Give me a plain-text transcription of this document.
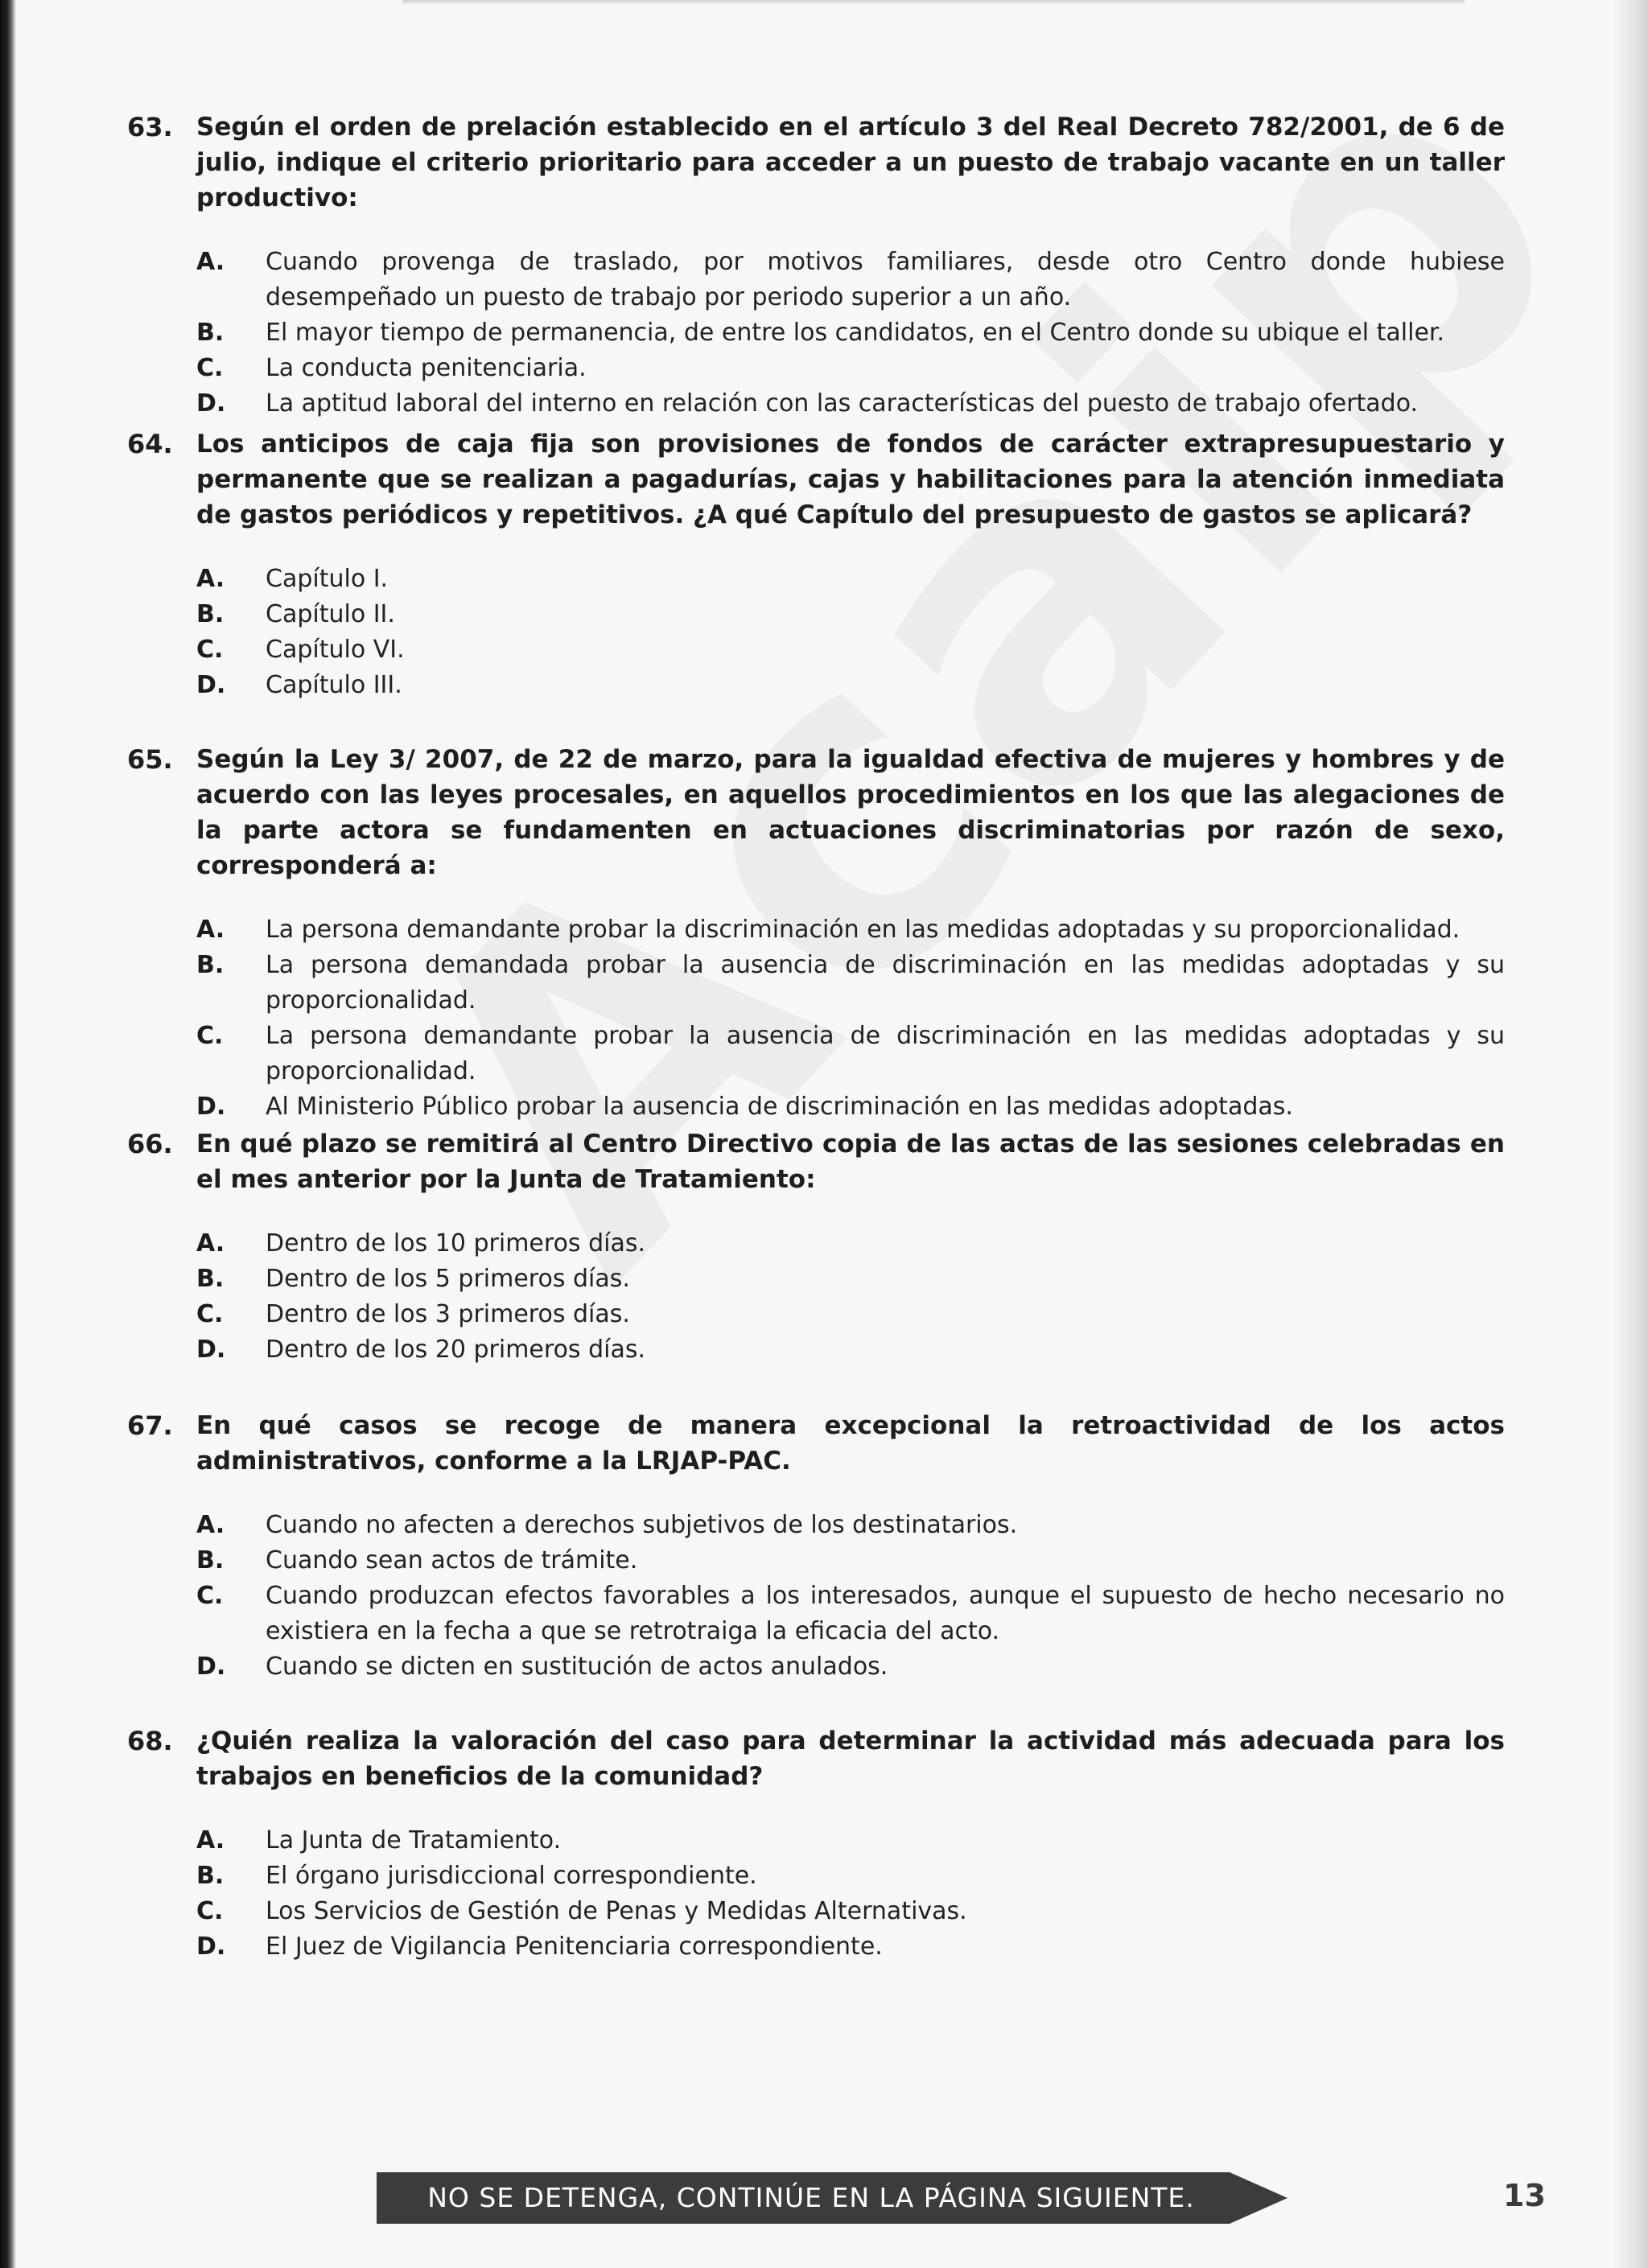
63. Según el orden de prelación establecido en el artículo 3 del Real Decreto 782/2001, de 6 de julio, indique el criterio prioritario para acceder a un puesto de trabajo vacante en un taller productivo:
A. Cuando provenga de traslado, por motivos familiares, desde otro Centro donde hubiese desempeñado un puesto de trabajo por periodo superior a un año.
B. El mayor tiempo de permanencia, de entre los candidatos, en el Centro donde su ubique el taller.
C. La conducta penitenciaria.
D. La aptitud laboral del interno en relación con las características del puesto de trabajo ofertado.
64. Los anticipos de caja fija son provisiones de fondos de carácter extrapresupuestario y permanente que se realizan a pagadurías, cajas y habilitaciones para la atención inmediata de gastos periódicos y repetitivos. ¿A qué Capítulo del presupuesto de gastos se aplicará?
A. Capítulo I.
B. Capítulo II.
C. Capítulo VI.
D. Capítulo III.
65. Según la Ley 3/ 2007, de 22 de marzo, para la igualdad efectiva de mujeres y hombres y de acuerdo con las leyes procesales, en aquellos procedimientos en los que las alegaciones de la parte actora se fundamenten en actuaciones discriminatorias por razón de sexo, corresponderá a:
A. La persona demandante probar la discriminación en las medidas adoptadas y su proporcionalidad.
B. La persona demandada probar la ausencia de discriminación en las medidas adoptadas y su proporcionalidad.
C. La persona demandante probar la ausencia de discriminación en las medidas adoptadas y su proporcionalidad.
D. Al Ministerio Público probar la ausencia de discriminación en las medidas adoptadas.
66. En qué plazo se remitirá al Centro Directivo copia de las actas de las sesiones celebradas en el mes anterior por la Junta de Tratamiento:
A. Dentro de los 10 primeros días.
B. Dentro de los 5 primeros días.
C. Dentro de los 3 primeros días.
D. Dentro de los 20 primeros días.
67. En qué casos se recoge de manera excepcional la retroactividad de los actos administrativos, conforme a la LRJAP-PAC.
A. Cuando no afecten a derechos subjetivos de los destinatarios.
B. Cuando sean actos de trámite.
C. Cuando produzcan efectos favorables a los interesados, aunque el supuesto de hecho necesario no existiera en la fecha a que se retrotraiga la eficacia del acto.
D. Cuando se dicten en sustitución de actos anulados.
68. ¿Quién realiza la valoración del caso para determinar la actividad más adecuada para los trabajos en beneficios de la comunidad?
A. La Junta de Tratamiento.
B. El órgano jurisdiccional correspondiente.
C. Los Servicios de Gestión de Penas y Medidas Alternativas.
D. El Juez de Vigilancia Penitenciaria correspondiente.
NO SE DETENGA, CONTINÚE EN LA PÁGINA SIGUIENTE.	13
